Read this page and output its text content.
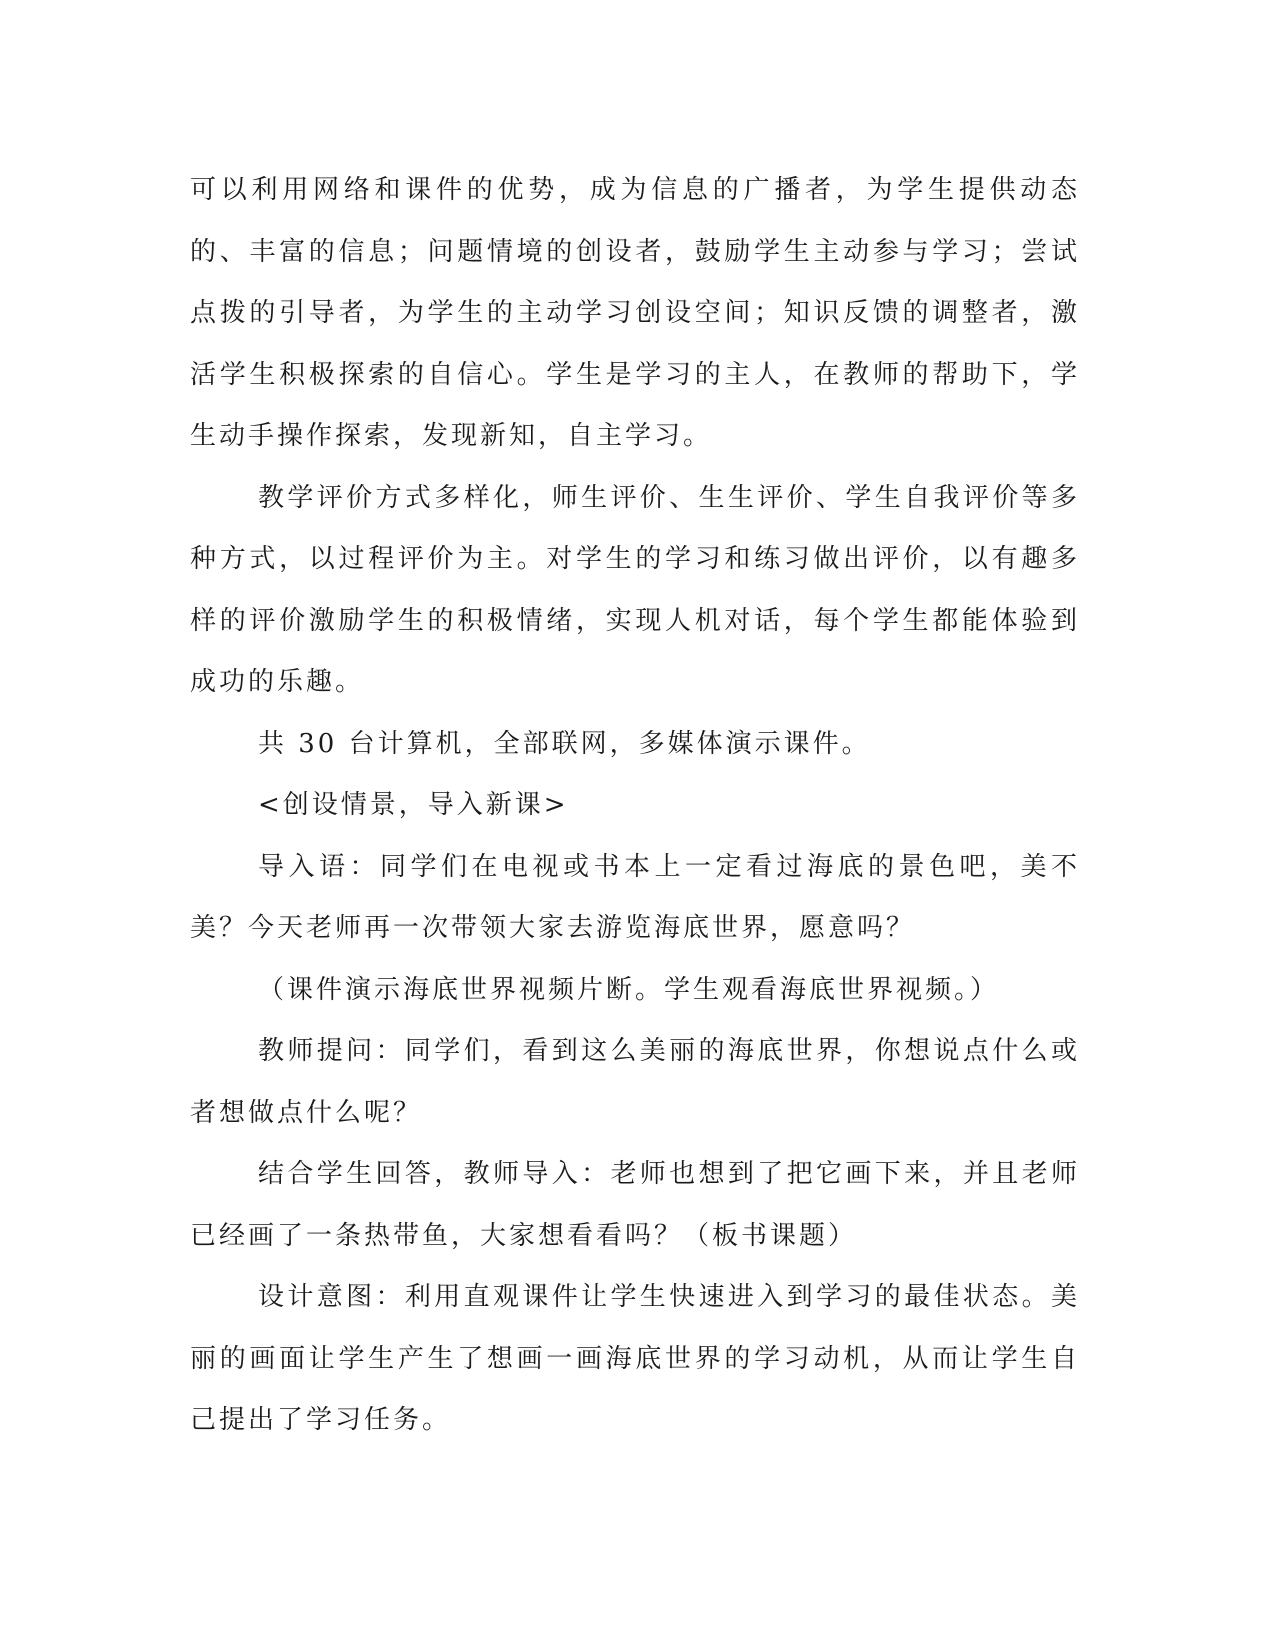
可以利用网络和课件的优势，成为信息的广播者，为学生提供动态的、丰富的信息；问题情境的创设者，鼓励学生主动参与学习；尝试点拨的引导者，为学生的主动学习创设空间；知识反馈的调整者，激活学生积极探索的自信心。学生是学习的主人，在教师的帮助下，学生动手操作探索，发现新知，自主学习。

教学评价方式多样化，师生评价、生生评价、学生自我评价等多种方式，以过程评价为主。对学生的学习和练习做出评价，以有趣多样的评价激励学生的积极情绪，实现人机对话，每个学生都能体验到成功的乐趣。

共 30 台计算机，全部联网，多媒体演示课件。

<创设情景，导入新课>

导入语：同学们在电视或书本上一定看过海底的景色吧，美不美？今天老师再一次带领大家去游览海底世界，愿意吗？

（课件演示海底世界视频片断。学生观看海底世界视频。）

教师提问：同学们，看到这么美丽的海底世界，你想说点什么或者想做点什么呢？

结合学生回答，教师导入：老师也想到了把它画下来，并且老师已经画了一条热带鱼，大家想看看吗？（板书课题）

设计意图：利用直观课件让学生快速进入到学习的最佳状态。美丽的画面让学生产生了想画一画海底世界的学习动机，从而让学生自己提出了学习任务。
